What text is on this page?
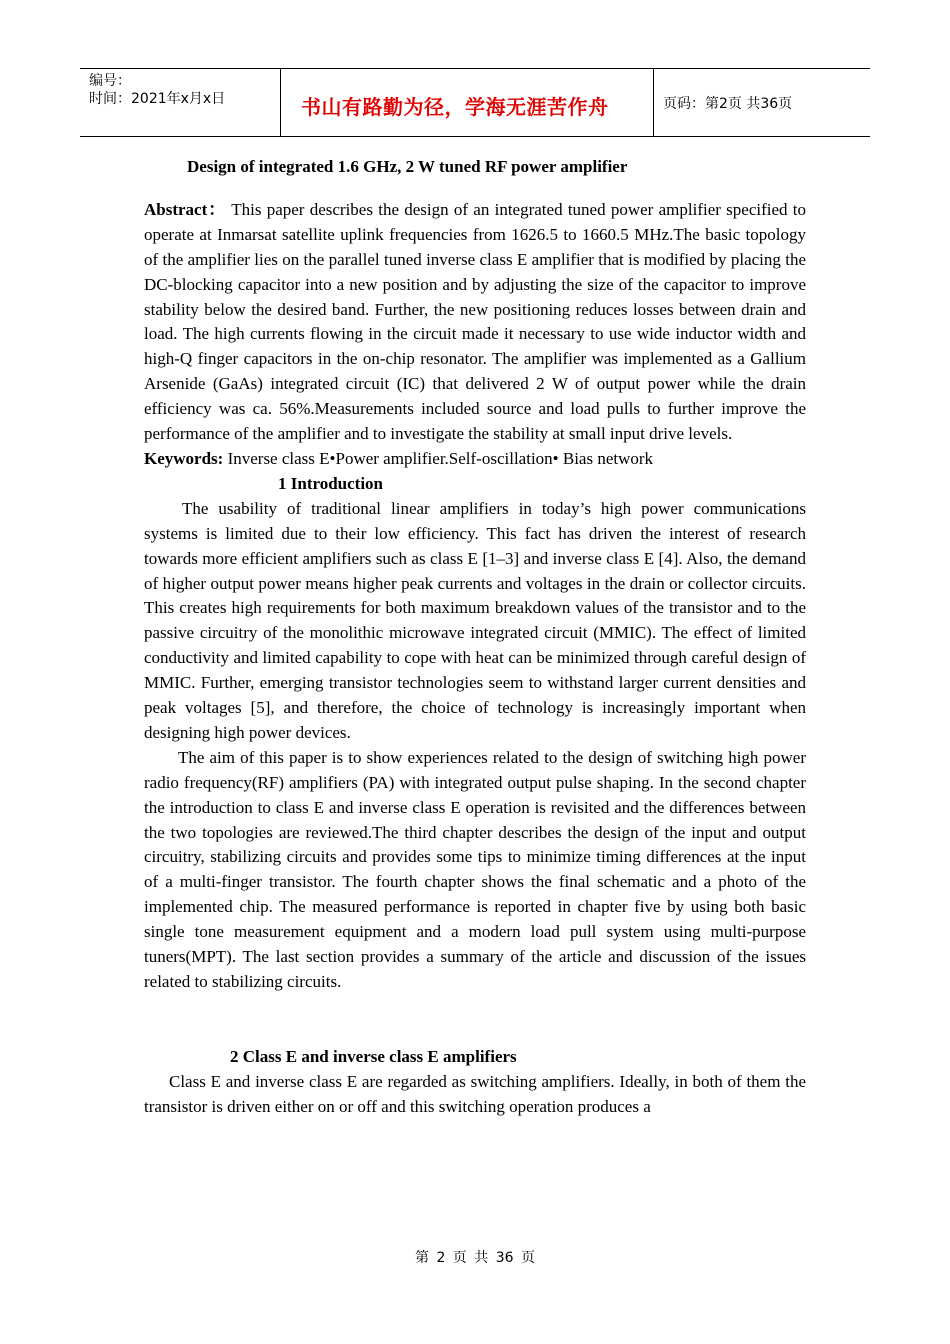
编号：
时间：2021年x月x日	书山有路勤为径，学海无涯苦作舟	页码：第2页 共36页

Design of integrated 1.6 GHz, 2 W tuned RF power amplifier

Abstract： This paper describes the design of an integrated tuned power amplifier specified to operate at Inmarsat satellite uplink frequencies from 1626.5 to 1660.5 MHz.The basic topology of the amplifier lies on the parallel tuned inverse class E amplifier that is modified by placing the DC-blocking capacitor into a new position and by adjusting the size of the capacitor to improve stability below the desired band. Further, the new positioning reduces losses between drain and load. The high currents flowing in the circuit made it necessary to use wide inductor width and high-Q finger capacitors in the on-chip resonator. The amplifier was implemented as a Gallium Arsenide (GaAs) integrated circuit (IC) that delivered 2 W of output power while the drain efficiency was ca. 56%.Measurements included source and load pulls to further improve the performance of the amplifier and to investigate the stability at small input drive levels.

Keywords: Inverse class E•Power amplifier.Self-oscillation• Bias network

1 Introduction

The usability of traditional linear amplifiers in today’s high power communications systems is limited due to their low efficiency. This fact has driven the interest of research towards more efficient amplifiers such as class E [1–3] and inverse class E [4]. Also, the demand of higher output power means higher peak currents and voltages in the drain or collector circuits. This creates high requirements for both maximum breakdown values of the transistor and to the passive circuitry of the monolithic microwave integrated circuit (MMIC). The effect of limited conductivity and limited capability to cope with heat can be minimized through careful design of MMIC. Further, emerging transistor technologies seem to withstand larger current densities and peak voltages [5], and therefore, the choice of technology is increasingly important when designing high power devices.

The aim of this paper is to show experiences related to the design of switching high power radio frequency(RF) amplifiers (PA) with integrated output pulse shaping. In the second chapter the introduction to class E and inverse class E operation is revisited and the differences between the two topologies are reviewed.The third chapter describes the design of the input and output circuitry, stabilizing circuits and provides some tips to minimize timing differences at the input of a multi-finger transistor. The fourth chapter shows the final schematic and a photo of the implemented chip. The measured performance is reported in chapter five by using both basic single tone measurement equipment and a modern load pull system using multi-purpose tuners(MPT). The last section provides a summary of the article and discussion of the issues related to stabilizing circuits.

2 Class E and inverse class E amplifiers

Class E and inverse class E are regarded as switching amplifiers. Ideally, in both of them the transistor is driven either on or off and this switching operation produces a

第 2 页 共 36 页
